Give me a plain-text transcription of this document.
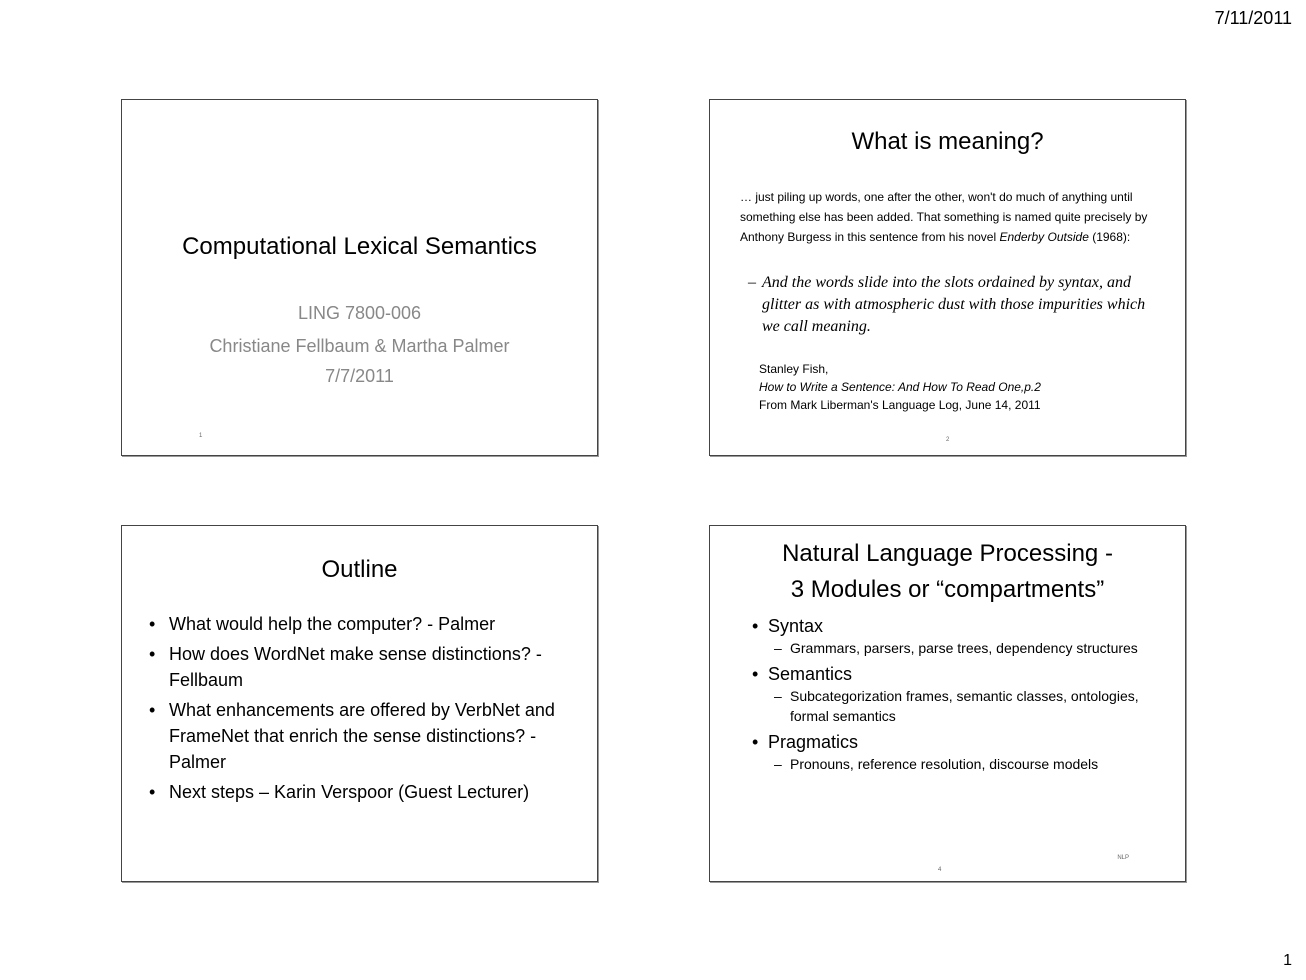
7/11/2011
Computational Lexical Semantics
LING 7800-006
Christiane Fellbaum & Martha Palmer
7/7/2011
1
What is meaning?
… just piling up words, one after the other, won't do much of anything until something else has been added. That something is named quite precisely by Anthony Burgess in this sentence from his novel Enderby Outside (1968):
– And the words slide into the slots ordained by syntax, and glitter as with atmospheric dust with those impurities which we call meaning.
Stanley Fish,
How to Write a Sentence: And How To Read One,p.2
From Mark Liberman's Language Log, June 14, 2011
2
Outline
• What would help the computer? - Palmer
• How does WordNet make sense distinctions? - Fellbaum
• What enhancements are offered by VerbNet and FrameNet that enrich the sense distinctions? - Palmer
• Next steps – Karin Verspoor (Guest Lecturer)
Natural Language Processing -
3 Modules or “compartments”
• Syntax
– Grammars, parsers, parse trees, dependency structures
• Semantics
– Subcategorization frames, semantic classes, ontologies, formal semantics
• Pragmatics
– Pronouns, reference resolution, discourse models
NLP
4
1
